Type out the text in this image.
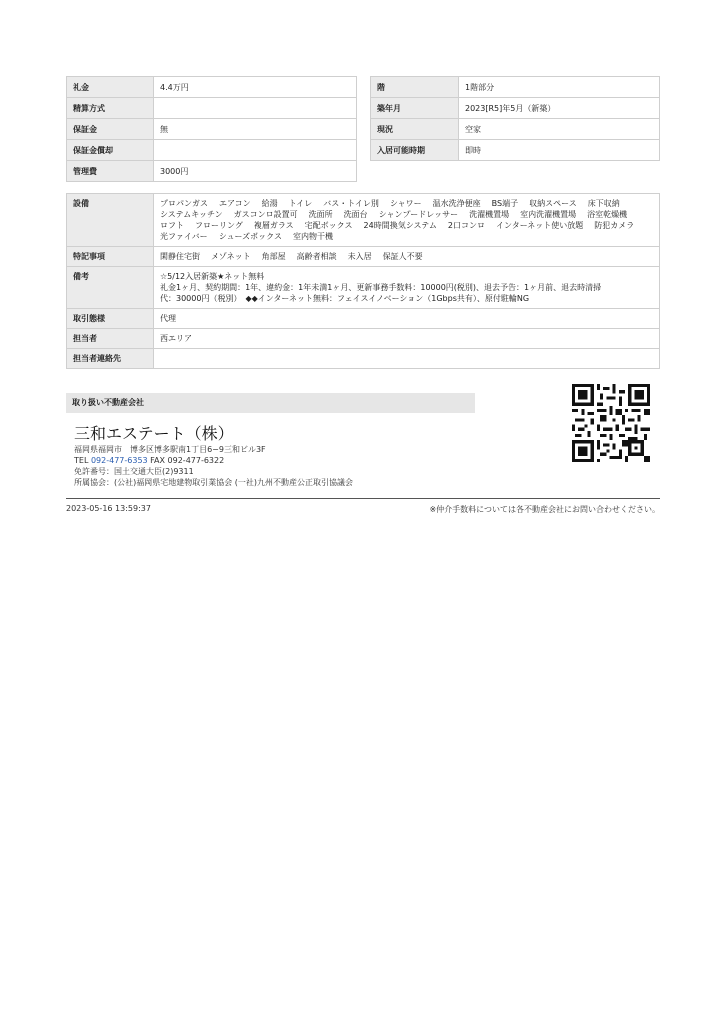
礼金	4.4万円
精算方式	
保証金	無
保証金償却	
管理費	3000円
階	1階部分
築年月	2023[R5]年5月（新築）
現況	空家
入居可能時期	即時
設備	プロパンガス エアコン 給湯 トイレ バス・トイレ別 シャワー 温水洗浄便座 BS端子 収納スペース 床下収納システムキッチン ガスコンロ設置可 洗面所 洗面台 シャンプードレッサー 洗濯機置場 室内洗濯機置場 浴室乾燥機ロフト フローリング 複層ガラス 宅配ボックス 24時間換気システム 2口コンロ インターネット使い放題 防犯カメラ光ファイバー シューズボックス 室内物干機
特記事項	閑静住宅街 メゾネット 角部屋 高齢者相談 未入居 保証人不要
備考	☆5/12入居新築★ネット無料
礼金1ヶ月、契約期間：1年、違約金：1年未満1ヶ月、更新事務手数料：10000円(税別)、退去予告：1ヶ月前、退去時清掃
代：30000円（税別）　◆◆インターネット無料：フェイスイノベーション（1Gbps共有）、原付駐輪NG

取引態様	代理
担当者	西エリア
担当者連絡先	
取り扱い不動産会社
三和エステート（株）
福岡県福岡市　博多区博多駅南1丁目6−9三和ビル3F
TEL 092-477-6353 FAX 092-477-6322
免許番号：国土交通大臣(2)9311
所属協会：(公社)福岡県宅地建物取引業協会 (一社)九州不動産公正取引協議会
2023-05-16 13:59:37	※仲介手数料については各不動産会社にお問い合わせください。
